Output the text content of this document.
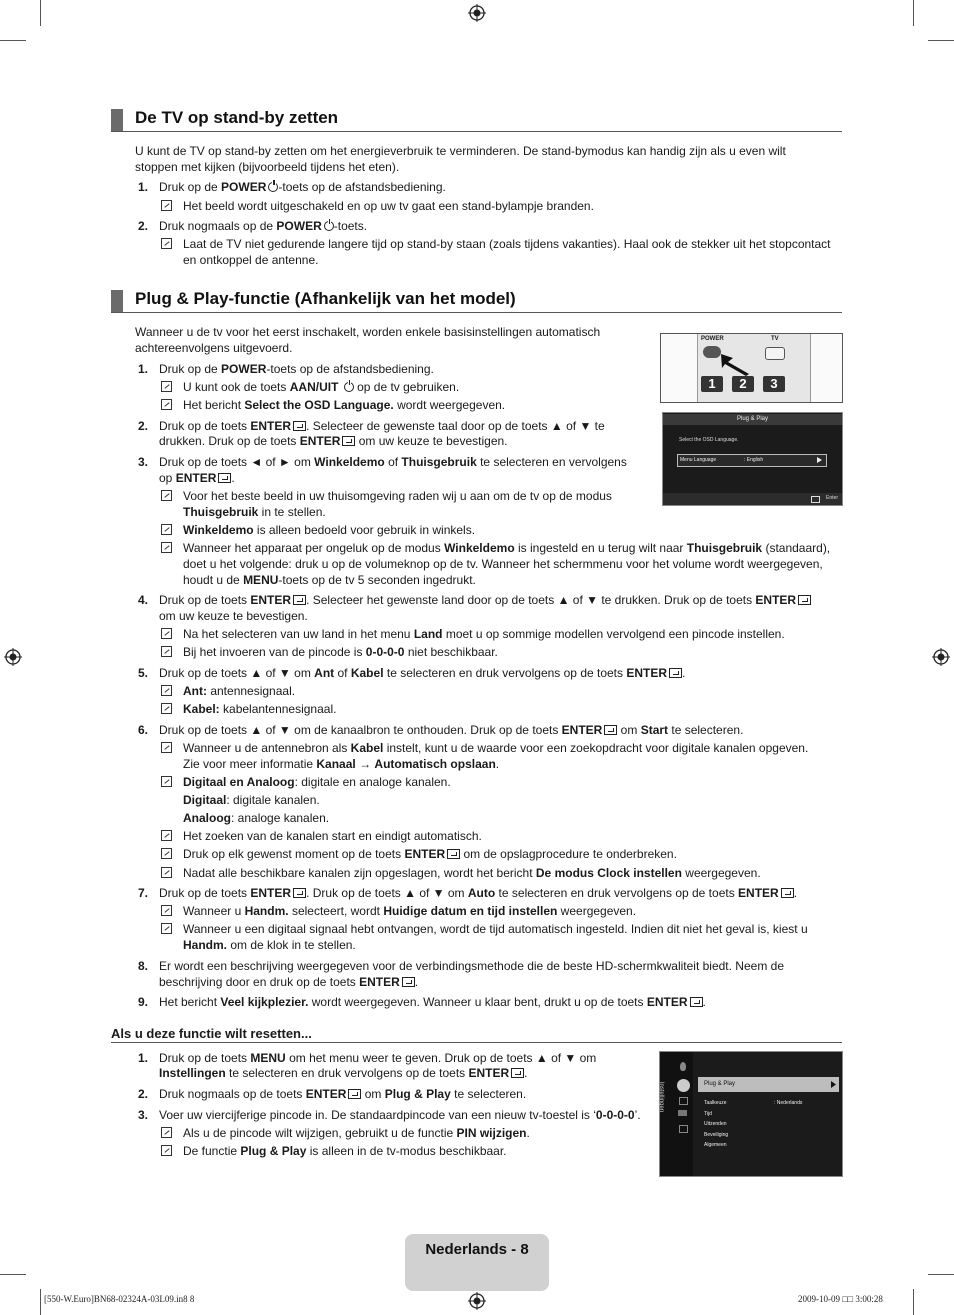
De TV op stand-by zetten
U kunt de TV op stand-by zetten om het energieverbruik te verminderen. De stand-bymodus kan handig zijn als u even wilt
stoppen met kijken (bijvoorbeeld tijdens het eten).
1. Druk op de POWER -toets op de afstandsbediening.
Het beeld wordt uitgeschakeld en op uw tv gaat een stand-bylampje branden.
2. Druk nogmaals op de POWER -toets.
Laat de TV niet gedurende langere tijd op stand-by staan (zoals tijdens vakanties). Haal ook de stekker uit het stopcontact
en ontkoppel de antenne.
Plug & Play-functie (Afhankelijk van het model)
Wanneer u de tv voor het eerst inschakelt, worden enkele basisinstellingen automatisch
achtereenvolgens uitgevoerd.
POWER	TV
1	2	3
Plug & Play
Select the OSD Language.
Menu Language	: English
Enter
1. Druk op de POWER-toets op de afstandsbediening.
U kunt ook de toets AAN/UIT  op de tv gebruiken.
Het bericht Select the OSD Language. wordt weergegeven.
2. Druk op de toets ENTER . Selecteer de gewenste taal door op de toets ▲ of ▼ te
drukken. Druk op de toets ENTER om uw keuze te bevestigen.
3. Druk op de toets ◄ of ► om Winkeldemo of Thuisgebruik te selecteren en vervolgens
op ENTER .
Voor het beste beeld in uw thuisomgeving raden wij u aan om de tv op de modus
Thuisgebruik in te stellen.
Winkeldemo is alleen bedoeld voor gebruik in winkels.
Wanneer het apparaat per ongeluk op de modus Winkeldemo is ingesteld en u terug wilt naar Thuisgebruik (standaard),
doet u het volgende: druk u op de volumeknop op de tv. Wanneer het schermmenu voor het volume wordt weergegeven,
houdt u de MENU-toets op de tv 5 seconden ingedrukt.
4. Druk op de toets ENTER . Selecteer het gewenste land door op de toets ▲ of ▼ te drukken. Druk op de toets ENTER
om uw keuze te bevestigen.
Na het selecteren van uw land in het menu Land moet u op sommige modellen vervolgend een pincode instellen.
Bij het invoeren van de pincode is 0-0-0-0 niet beschikbaar.
5. Druk op de toets ▲ of ▼ om Ant of Kabel te selecteren en druk vervolgens op de toets ENTER .
Ant: antennesignaal.
Kabel: kabelantennesignaal.
6. Druk op de toets ▲ of ▼ om de kanaalbron te onthouden. Druk op de toets ENTER om Start te selecteren.
Wanneer u de antennebron als Kabel instelt, kunt u de waarde voor een zoekopdracht voor digitale kanalen opgeven.
Zie voor meer informatie Kanaal → Automatisch opslaan.
Digitaal en Analoog: digitale en analoge kanalen.
Digitaal: digitale kanalen.
Analoog: analoge kanalen.
Het zoeken van de kanalen start en eindigt automatisch.
Druk op elk gewenst moment op de toets ENTER om de opslagprocedure te onderbreken.
Nadat alle beschikbare kanalen zijn opgeslagen, wordt het bericht De modus Clock instellen weergegeven.
7. Druk op de toets ENTER . Druk op de toets ▲ of ▼ om Auto te selecteren en druk vervolgens op de toets ENTER .
Wanneer u Handm. selecteert, wordt Huidige datum en tijd instellen weergegeven.
Wanneer u een digitaal signaal hebt ontvangen, wordt de tijd automatisch ingesteld. Indien dit niet het geval is, kiest u
Handm. om de klok in te stellen.
8. Er wordt een beschrijving weergegeven voor de verbindingsmethode die de beste HD-schermkwaliteit biedt. Neem de
beschrijving door en druk op de toets ENTER .
9. Het bericht Veel kijkplezier. wordt weergegeven. Wanneer u klaar bent, drukt u op de toets ENTER .
Als u deze functie wilt resetten...
1. Druk op de toets MENU om het menu weer te geven. Druk op de toets ▲ of ▼ om
Instellingen te selecteren en druk vervolgens op de toets ENTER .
2. Druk nogmaals op de toets ENTER om Plug & Play te selecteren.
3. Voer uw viercijferige pincode in. De standaardpincode van een nieuw tv-toestel is ‘0-0-0-0’.
Als u de pincode wilt wijzigen, gebruikt u de functie PIN wijzigen.
De functie Plug & Play is alleen in de tv-modus beschikbaar.
Instellingen	Plug & Play
Taalkeuze	: Nederlands
Tijd
Uitzenden
Beveiliging
Algemeen
Nederlands - 8
[550-W.Euro]BN68-02324A-03L09.in8 8	2009-10-09 □□ 3:00:28
